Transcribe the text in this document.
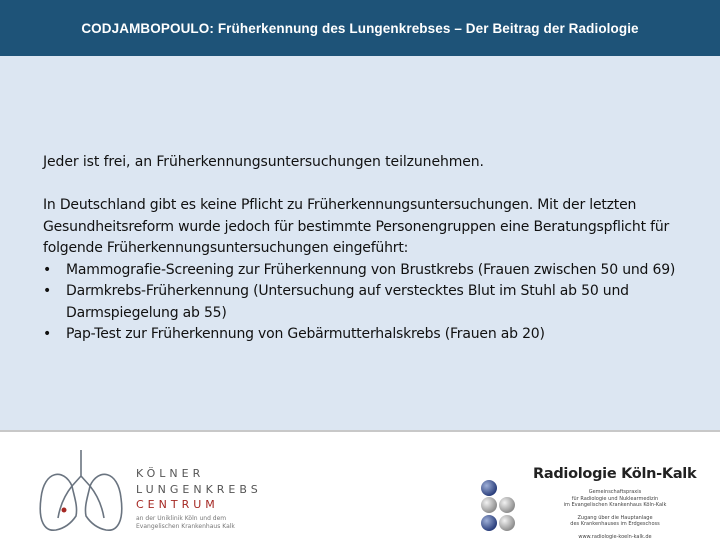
CODJAMBOPOULO: Früherkennung des Lungenkrebses – Der Beitrag der Radiologie
Jeder ist frei, an Früherkennungsuntersuchungen teilzunehmen.
In Deutschland gibt es keine Pflicht zu Früherkennungsuntersuchungen. Mit der letzten Gesundheitsreform wurde jedoch für bestimmte Personengruppen eine Beratungspflicht für folgende Früherkennungsuntersuchungen eingeführt:
•	Mammografie-Screening zur Früherkennung von Brustkrebs (Frauen zwischen 50 und 69)
•	Darmkrebs-Früherkennung (Untersuchung auf verstecktes Blut im Stuhl ab 50 und Darmspiegelung ab 55)
•	Pap-Test zur Früherkennung von Gebärmutterhalskrebs (Frauen ab 20)
KÖLNER
LUNGENKREBS
CENTRUM
an der Uniklinik Köln und dem
Evangelischen Krankenhaus Kalk
Radiologie Köln-Kalk
Gemeinschaftspraxis
für Radiologie und Nuklearmedizin
im Evangelischen Krankenhaus Köln-Kalk
Zugang über die Hauptanlage
des Krankenhauses im Erdgeschoss
www.radiologie-koeln-kalk.de
